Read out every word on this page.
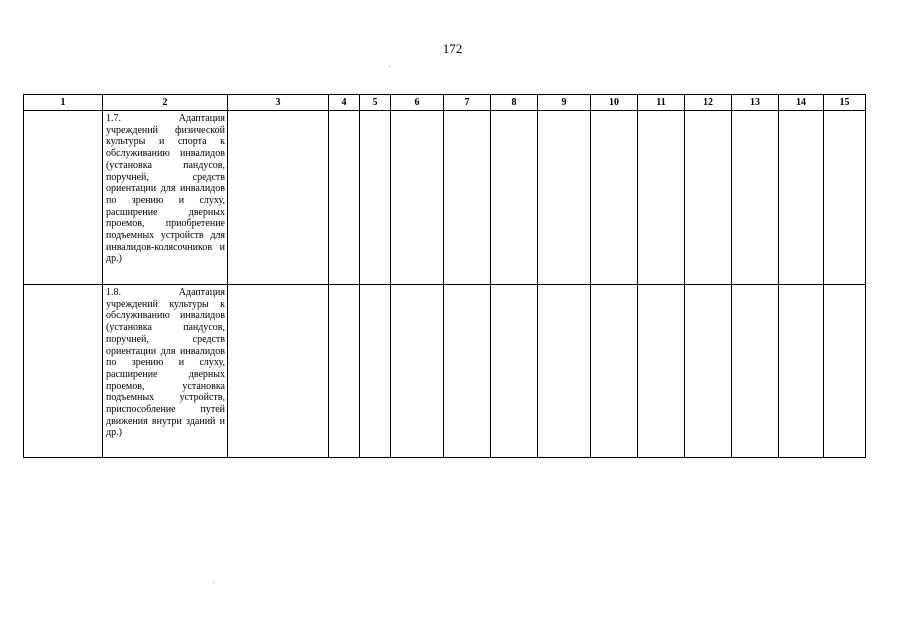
172
1	2	3	4	5	6	7	8	9	10	11	12	13	14	15

	1.7. Адаптация учреждений физической культуры и спорта к обслуживанию инвалидов (установка пандусов, поручней, средств ориентации для инвалидов по зрению и слуху, расширение дверных проемов, приобретение подъемных устройств для инвалидов-колясочников и др.)													

	1.8. Адаптация учреждений культуры к обслуживанию инвалидов (установка пандусов, поручней, средств ориентации для инвалидов по зрению и слуху, расширение дверных проемов, установка подъемных устройств, приспособление путей движения внутри зданий и др.)													
